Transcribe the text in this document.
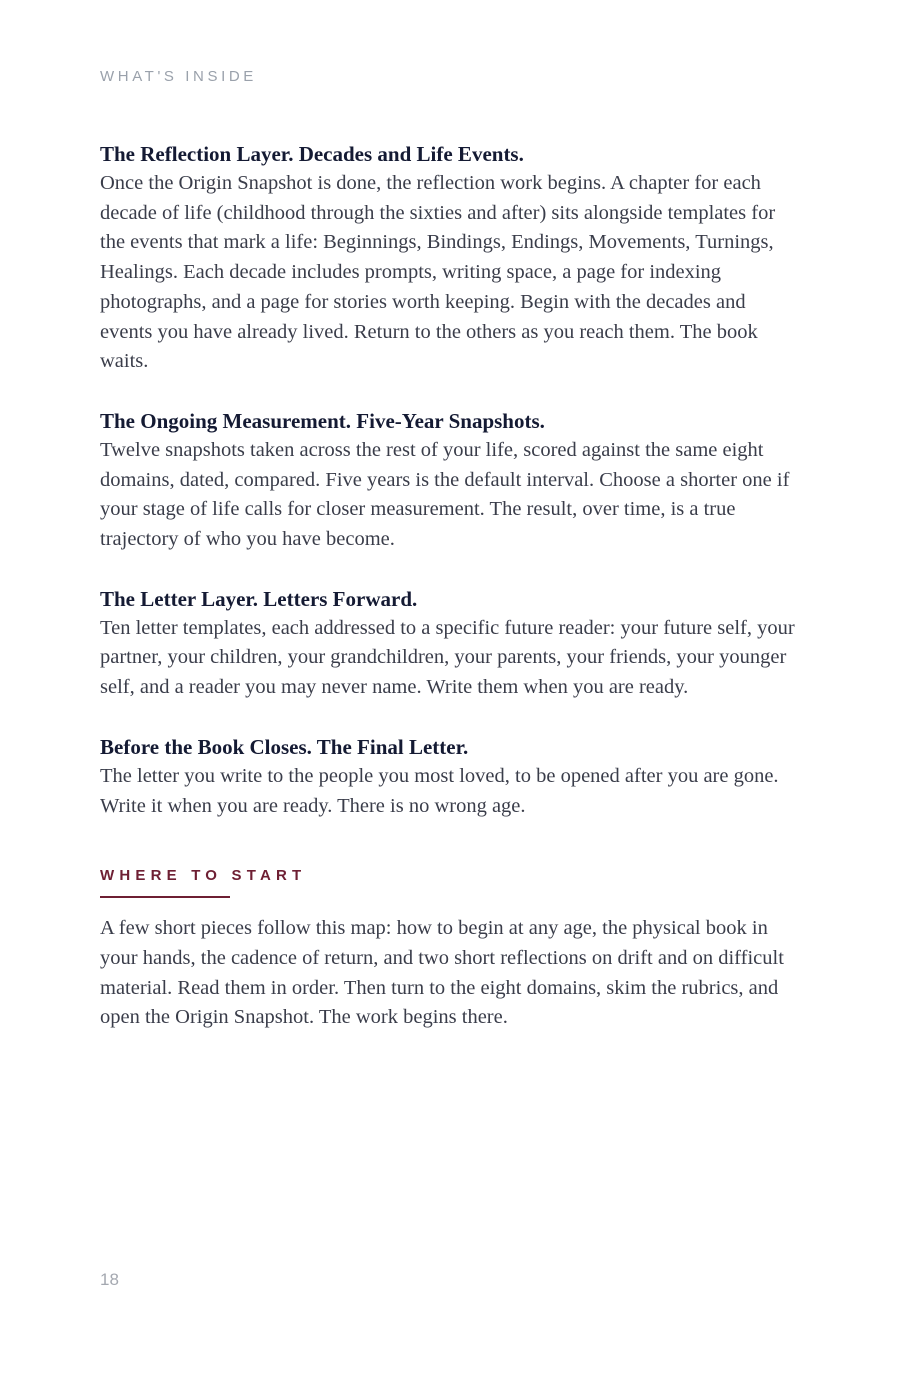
WHAT'S INSIDE

The Reflection Layer. Decades and Life Events.

Once the Origin Snapshot is done, the reflection work begins. A chapter for each decade of life (childhood through the sixties and after) sits alongside templates for the events that mark a life: Beginnings, Bindings, Endings, Movements, Turnings, Healings. Each decade includes prompts, writing space, a page for indexing photographs, and a page for stories worth keeping. Begin with the decades and events you have already lived. Return to the others as you reach them. The book waits.

The Ongoing Measurement. Five-Year Snapshots.

Twelve snapshots taken across the rest of your life, scored against the same eight domains, dated, compared. Five years is the default interval. Choose a shorter one if your stage of life calls for closer measurement. The result, over time, is a true trajectory of who you have become.

The Letter Layer. Letters Forward.

Ten letter templates, each addressed to a specific future reader: your future self, your partner, your children, your grandchildren, your parents, your friends, your younger self, and a reader you may never name. Write them when you are ready.

Before the Book Closes. The Final Letter.

The letter you write to the people you most loved, to be opened after you are gone. Write it when you are ready. There is no wrong age.

WHERE TO START

A few short pieces follow this map: how to begin at any age, the physical book in your hands, the cadence of return, and two short reflections on drift and on difficult material. Read them in order. Then turn to the eight domains, skim the rubrics, and open the Origin Snapshot. The work begins there.

18
